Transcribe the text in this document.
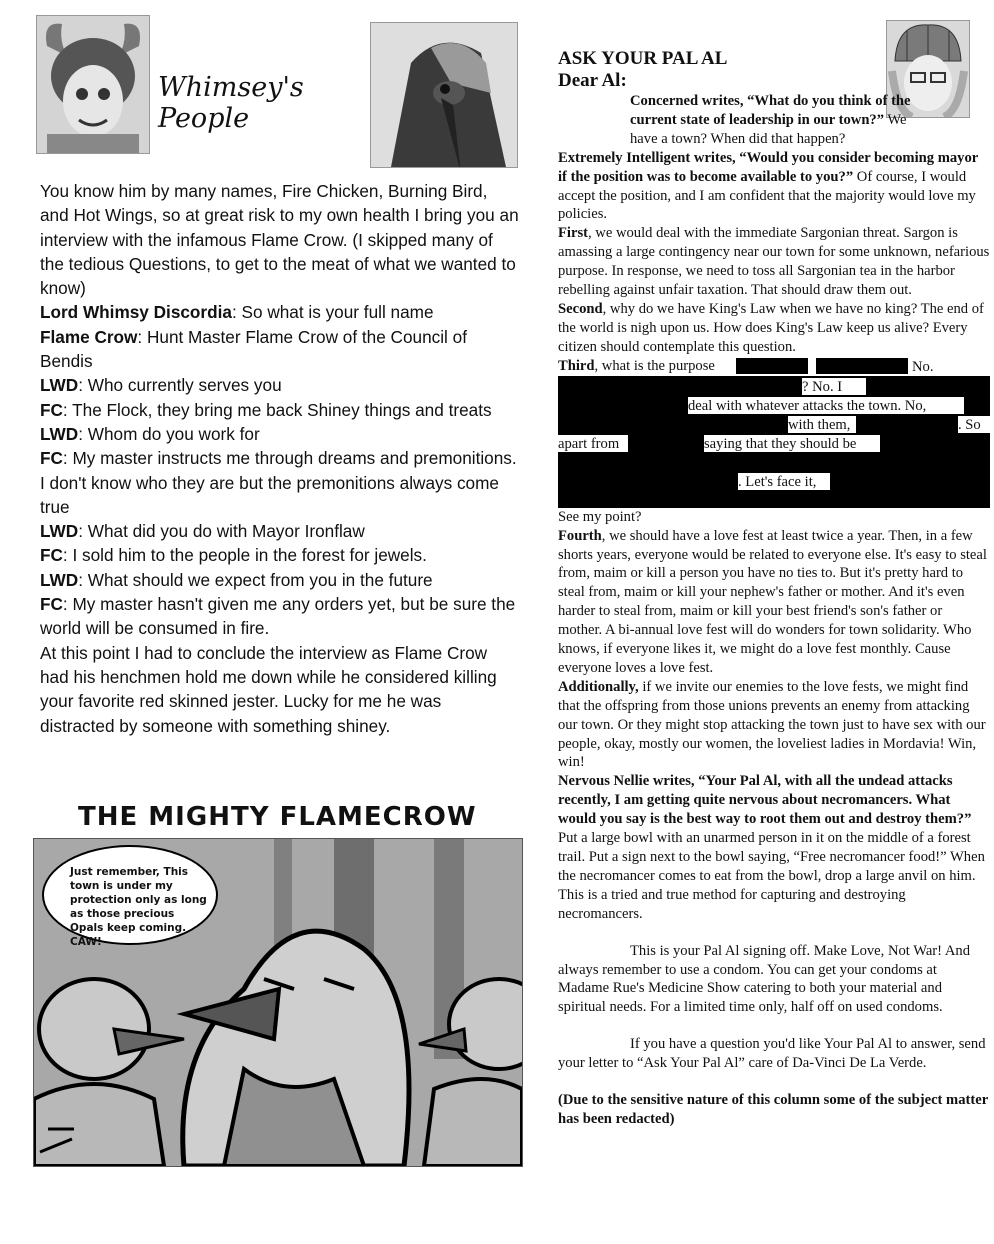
Whimsey's People

You know him by many names, Fire Chicken, Burning Bird, and Hot Wings, so at great risk to my own health I bring you an interview with the infamous Flame Crow. (I skipped many of the tedious Questions, to get to the meat of what we wanted to know)

Lord Whimsy Discordia: So what is your full name

Flame Crow: Hunt Master Flame Crow of the Council of Bendis

LWD: Who currently serves you

FC: The Flock, they bring me back Shiney things and treats

LWD: Whom do you work for

FC: My master instructs me through dreams and premonitions. I don't know who they are but the premonitions always come true

LWD: What did you do with Mayor Ironflaw

FC: I sold him to the people in the forest for jewels.

LWD: What should we expect from you in the future

FC: My master hasn't given me any orders yet, but be sure the world will be consumed in fire.

At this point I had to conclude the interview as Flame Crow had his henchmen hold me down while he considered killing your favorite red skinned jester. Lucky for me he was distracted by someone with something shiney.

THE MIGHTY FLAMECROW
Just remember, This town is under my protection only as long as those precious Opals keep coming. CAW!

ASK YOUR PAL AL

Dear Al:

Concerned writes, “What do you think of the current state of leadership in our town?” We have a town? When did that happen?

Extremely Intelligent writes, “Would you consider becoming mayor if the position was to become available to you?” Of course, I would accept the position, and I am confident that the majority would love my policies.

First, we would deal with the immediate Sargonian threat. Sargon is amassing a large contingency near our town for some unknown, nefarious purpose. In response, we need to toss all Sargonian tea in the harbor rebelling against unfair taxation. That should draw them out.

Second, why do we have King's Law when we have no king? The end of the world is nigh upon us. How does King's Law keep us alive? Every citizen should contemplate this question.

Third, what is the purpose	No.
? No. I
deal with whatever attacks the town. No,
with them,	. So
apart from	saying that they should be
. Let's face it,

See my point?

Fourth, we should have a love fest at least twice a year. Then, in a few shorts years, everyone would be related to everyone else. It's easy to steal from, maim or kill a person you have no ties to. But it's pretty hard to steal from, maim or kill your nephew's father or mother. And it's even harder to steal from, maim or kill your best friend's son's father or mother. A bi-annual love fest will do wonders for town solidarity. Who knows, if everyone likes it, we might do a love fest monthly. Cause everyone loves a love fest.

Additionally, if we invite our enemies to the love fests, we might find that the offspring from those unions prevents an enemy from attacking our town. Or they might stop attacking the town just to have sex with our people, okay, mostly our women, the loveliest ladies in Mordavia! Win, win!

Nervous Nellie writes, “Your Pal Al, with all the undead attacks recently, I am getting quite nervous about necromancers. What would you say is the best way to root them out and destroy them?” Put a large bowl with an unarmed person in it on the middle of a forest trail. Put a sign next to the bowl saying, “Free necromancer food!” When the necromancer comes to eat from the bowl, drop a large anvil on him. This is a tried and true method for capturing and destroying necromancers.

This is your Pal Al signing off. Make Love, Not War! And always remember to use a condom. You can get your condoms at Madame Rue's Medicine Show catering to both your material and spiritual needs. For a limited time only, half off on used condoms.

If you have a question you'd like Your Pal Al to answer, send your letter to “Ask Your Pal Al” care of Da-Vinci De La Verde.

(Due to the sensitive nature of this column some of the subject matter has been redacted)
